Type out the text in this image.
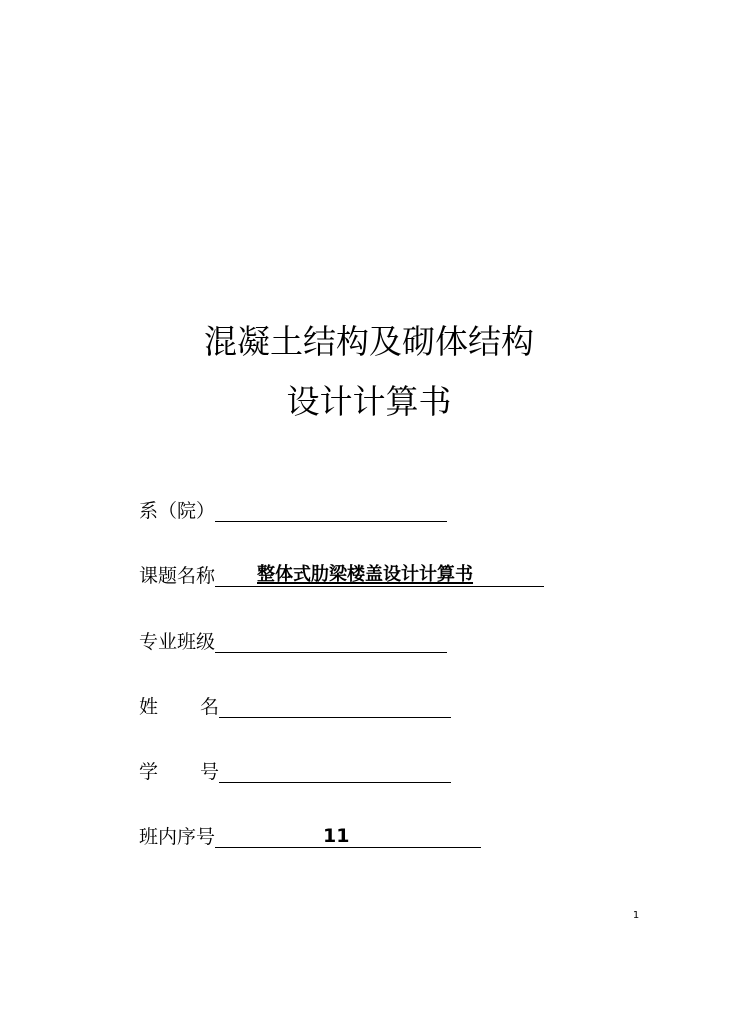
混凝土结构及砌体结构
设计计算书
系（院）
课题名称 整体式肋梁楼盖设计计算书
专业班级
姓 名
学 号
班内序号	11
1
